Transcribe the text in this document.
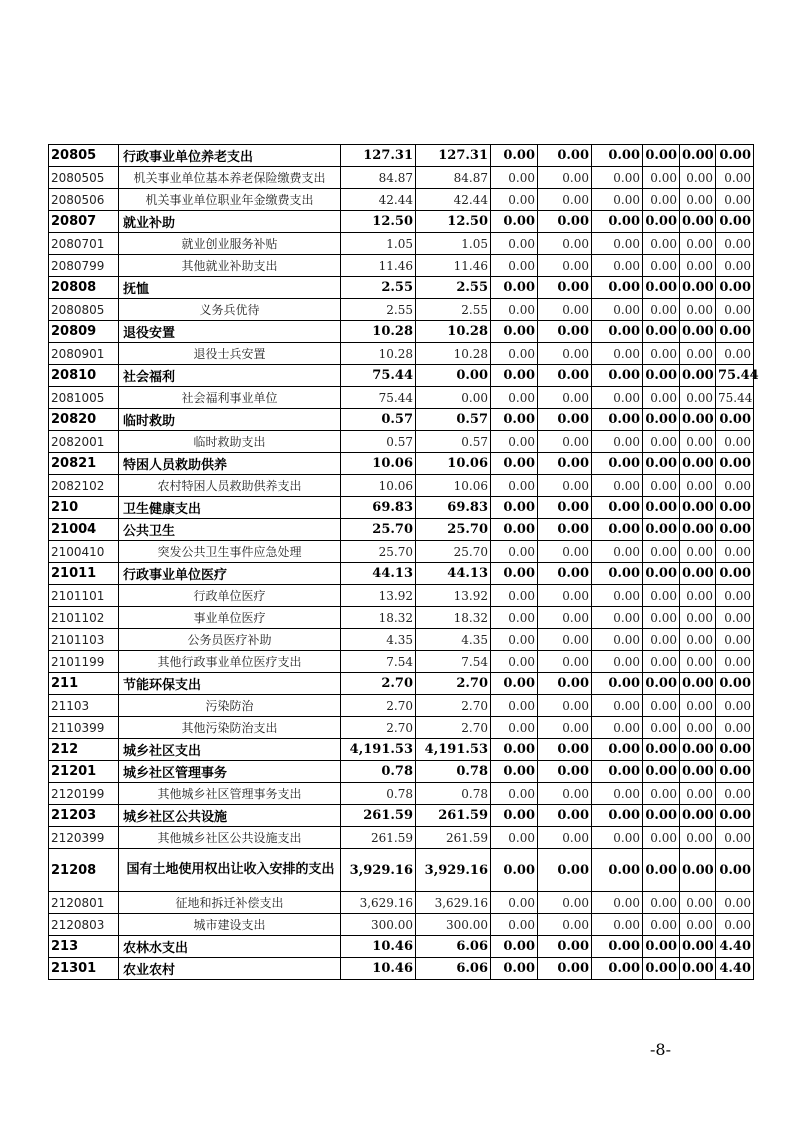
20805	行政事业单位养老支出	127.31	127.31	0.00	0.00	0.00	0.00	0.00	0.00
2080505	机关事业单位基本养老保险缴费支出	84.87	84.87	0.00	0.00	0.00	0.00	0.00	0.00
2080506	机关事业单位职业年金缴费支出	42.44	42.44	0.00	0.00	0.00	0.00	0.00	0.00
20807	就业补助	12.50	12.50	0.00	0.00	0.00	0.00	0.00	0.00
2080701	就业创业服务补贴	1.05	1.05	0.00	0.00	0.00	0.00	0.00	0.00
2080799	其他就业补助支出	11.46	11.46	0.00	0.00	0.00	0.00	0.00	0.00
20808	抚恤	2.55	2.55	0.00	0.00	0.00	0.00	0.00	0.00
2080805	义务兵优待	2.55	2.55	0.00	0.00	0.00	0.00	0.00	0.00
20809	退役安置	10.28	10.28	0.00	0.00	0.00	0.00	0.00	0.00
2080901	退役士兵安置	10.28	10.28	0.00	0.00	0.00	0.00	0.00	0.00
20810	社会福利	75.44	0.00	0.00	0.00	0.00	0.00	0.00	75.44
2081005	社会福利事业单位	75.44	0.00	0.00	0.00	0.00	0.00	0.00	75.44
20820	临时救助	0.57	0.57	0.00	0.00	0.00	0.00	0.00	0.00
2082001	临时救助支出	0.57	0.57	0.00	0.00	0.00	0.00	0.00	0.00
20821	特困人员救助供养	10.06	10.06	0.00	0.00	0.00	0.00	0.00	0.00
2082102	农村特困人员救助供养支出	10.06	10.06	0.00	0.00	0.00	0.00	0.00	0.00
210	卫生健康支出	69.83	69.83	0.00	0.00	0.00	0.00	0.00	0.00
21004	公共卫生	25.70	25.70	0.00	0.00	0.00	0.00	0.00	0.00
2100410	突发公共卫生事件应急处理	25.70	25.70	0.00	0.00	0.00	0.00	0.00	0.00
21011	行政事业单位医疗	44.13	44.13	0.00	0.00	0.00	0.00	0.00	0.00
2101101	行政单位医疗	13.92	13.92	0.00	0.00	0.00	0.00	0.00	0.00
2101102	事业单位医疗	18.32	18.32	0.00	0.00	0.00	0.00	0.00	0.00
2101103	公务员医疗补助	4.35	4.35	0.00	0.00	0.00	0.00	0.00	0.00
2101199	其他行政事业单位医疗支出	7.54	7.54	0.00	0.00	0.00	0.00	0.00	0.00
211	节能环保支出	2.70	2.70	0.00	0.00	0.00	0.00	0.00	0.00
21103	污染防治	2.70	2.70	0.00	0.00	0.00	0.00	0.00	0.00
2110399	其他污染防治支出	2.70	2.70	0.00	0.00	0.00	0.00	0.00	0.00
212	城乡社区支出	4,191.53	4,191.53	0.00	0.00	0.00	0.00	0.00	0.00
21201	城乡社区管理事务	0.78	0.78	0.00	0.00	0.00	0.00	0.00	0.00
2120199	其他城乡社区管理事务支出	0.78	0.78	0.00	0.00	0.00	0.00	0.00	0.00
21203	城乡社区公共设施	261.59	261.59	0.00	0.00	0.00	0.00	0.00	0.00
2120399	其他城乡社区公共设施支出	261.59	261.59	0.00	0.00	0.00	0.00	0.00	0.00
21208	国有土地使用权出让收入安排的支出	3,929.16	3,929.16	0.00	0.00	0.00	0.00	0.00	0.00
2120801	征地和拆迁补偿支出	3,629.16	3,629.16	0.00	0.00	0.00	0.00	0.00	0.00
2120803	城市建设支出	300.00	300.00	0.00	0.00	0.00	0.00	0.00	0.00
213	农林水支出	10.46	6.06	0.00	0.00	0.00	0.00	0.00	4.40
21301	农业农村	10.46	6.06	0.00	0.00	0.00	0.00	0.00	4.40
-8-
